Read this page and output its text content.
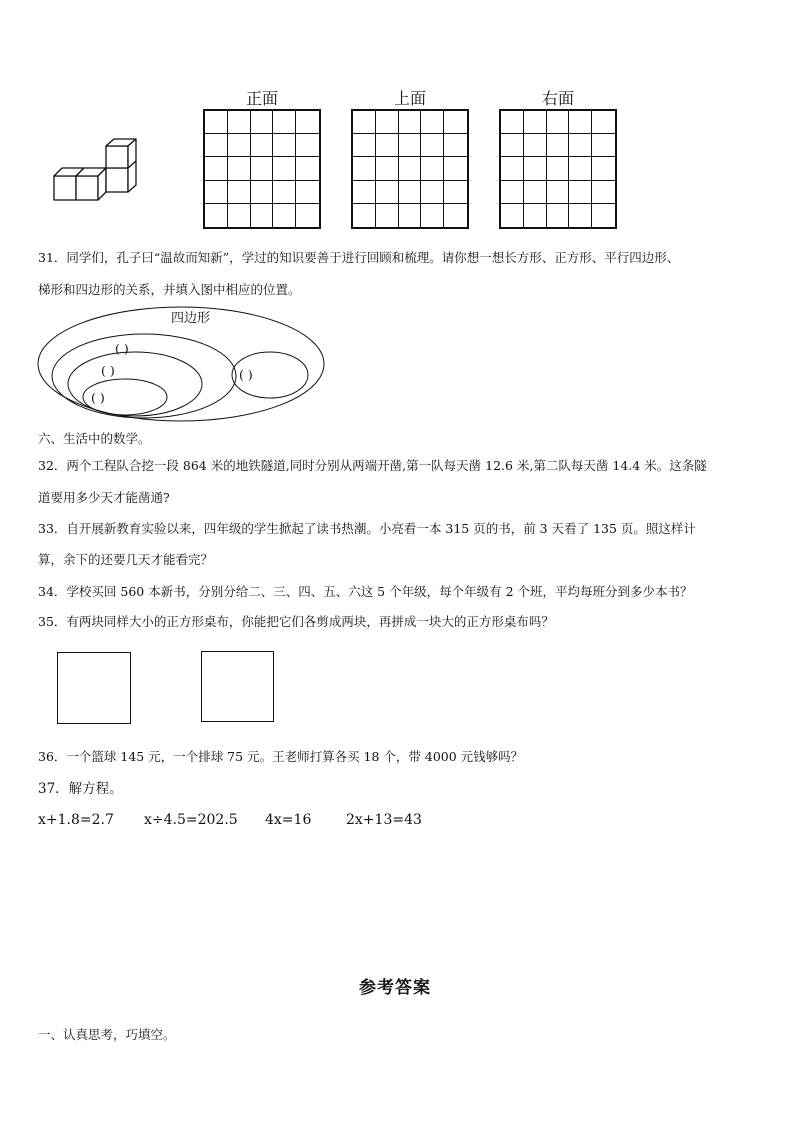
正面	上面	右面
31．同学们，孔子曰“温故而知新”，学过的知识要善于进行回顾和梳理。请你想一想长方形、正方形、平行四边形、
梯形和四边形的关系，并填入图中相应的位置。
四边形
( )
( )
( )
( )
六、生活中的数学。
32．两个工程队合挖一段 864 米的地铁隧道,同时分别从两端开凿,第一队每天凿 12.6 米,第二队每天凿 14.4 米。这条隧
道要用多少天才能凿通?
33．自开展新教育实验以来，四年级的学生掀起了读书热潮。小亮看一本 315 页的书，前 3 天看了 135 页。照这样计
算，余下的还要几天才能看完？
34．学校买回 560 本新书，分别分给二、三、四、五、六这 5 个年级，每个年级有 2 个班，平均每班分到多少本书？
35．有两块同样大小的正方形桌布，你能把它们各剪成两块，再拼成一块大的正方形桌布吗？
36．一个篮球 145 元，一个排球 75 元。王老师打算各买 18 个，带 4000 元钱够吗？
37．解方程。
x+1.8=2.7 x÷4.5=202.5 4x=16 2x+13=43
参考答案
一、认真思考，巧填空。
